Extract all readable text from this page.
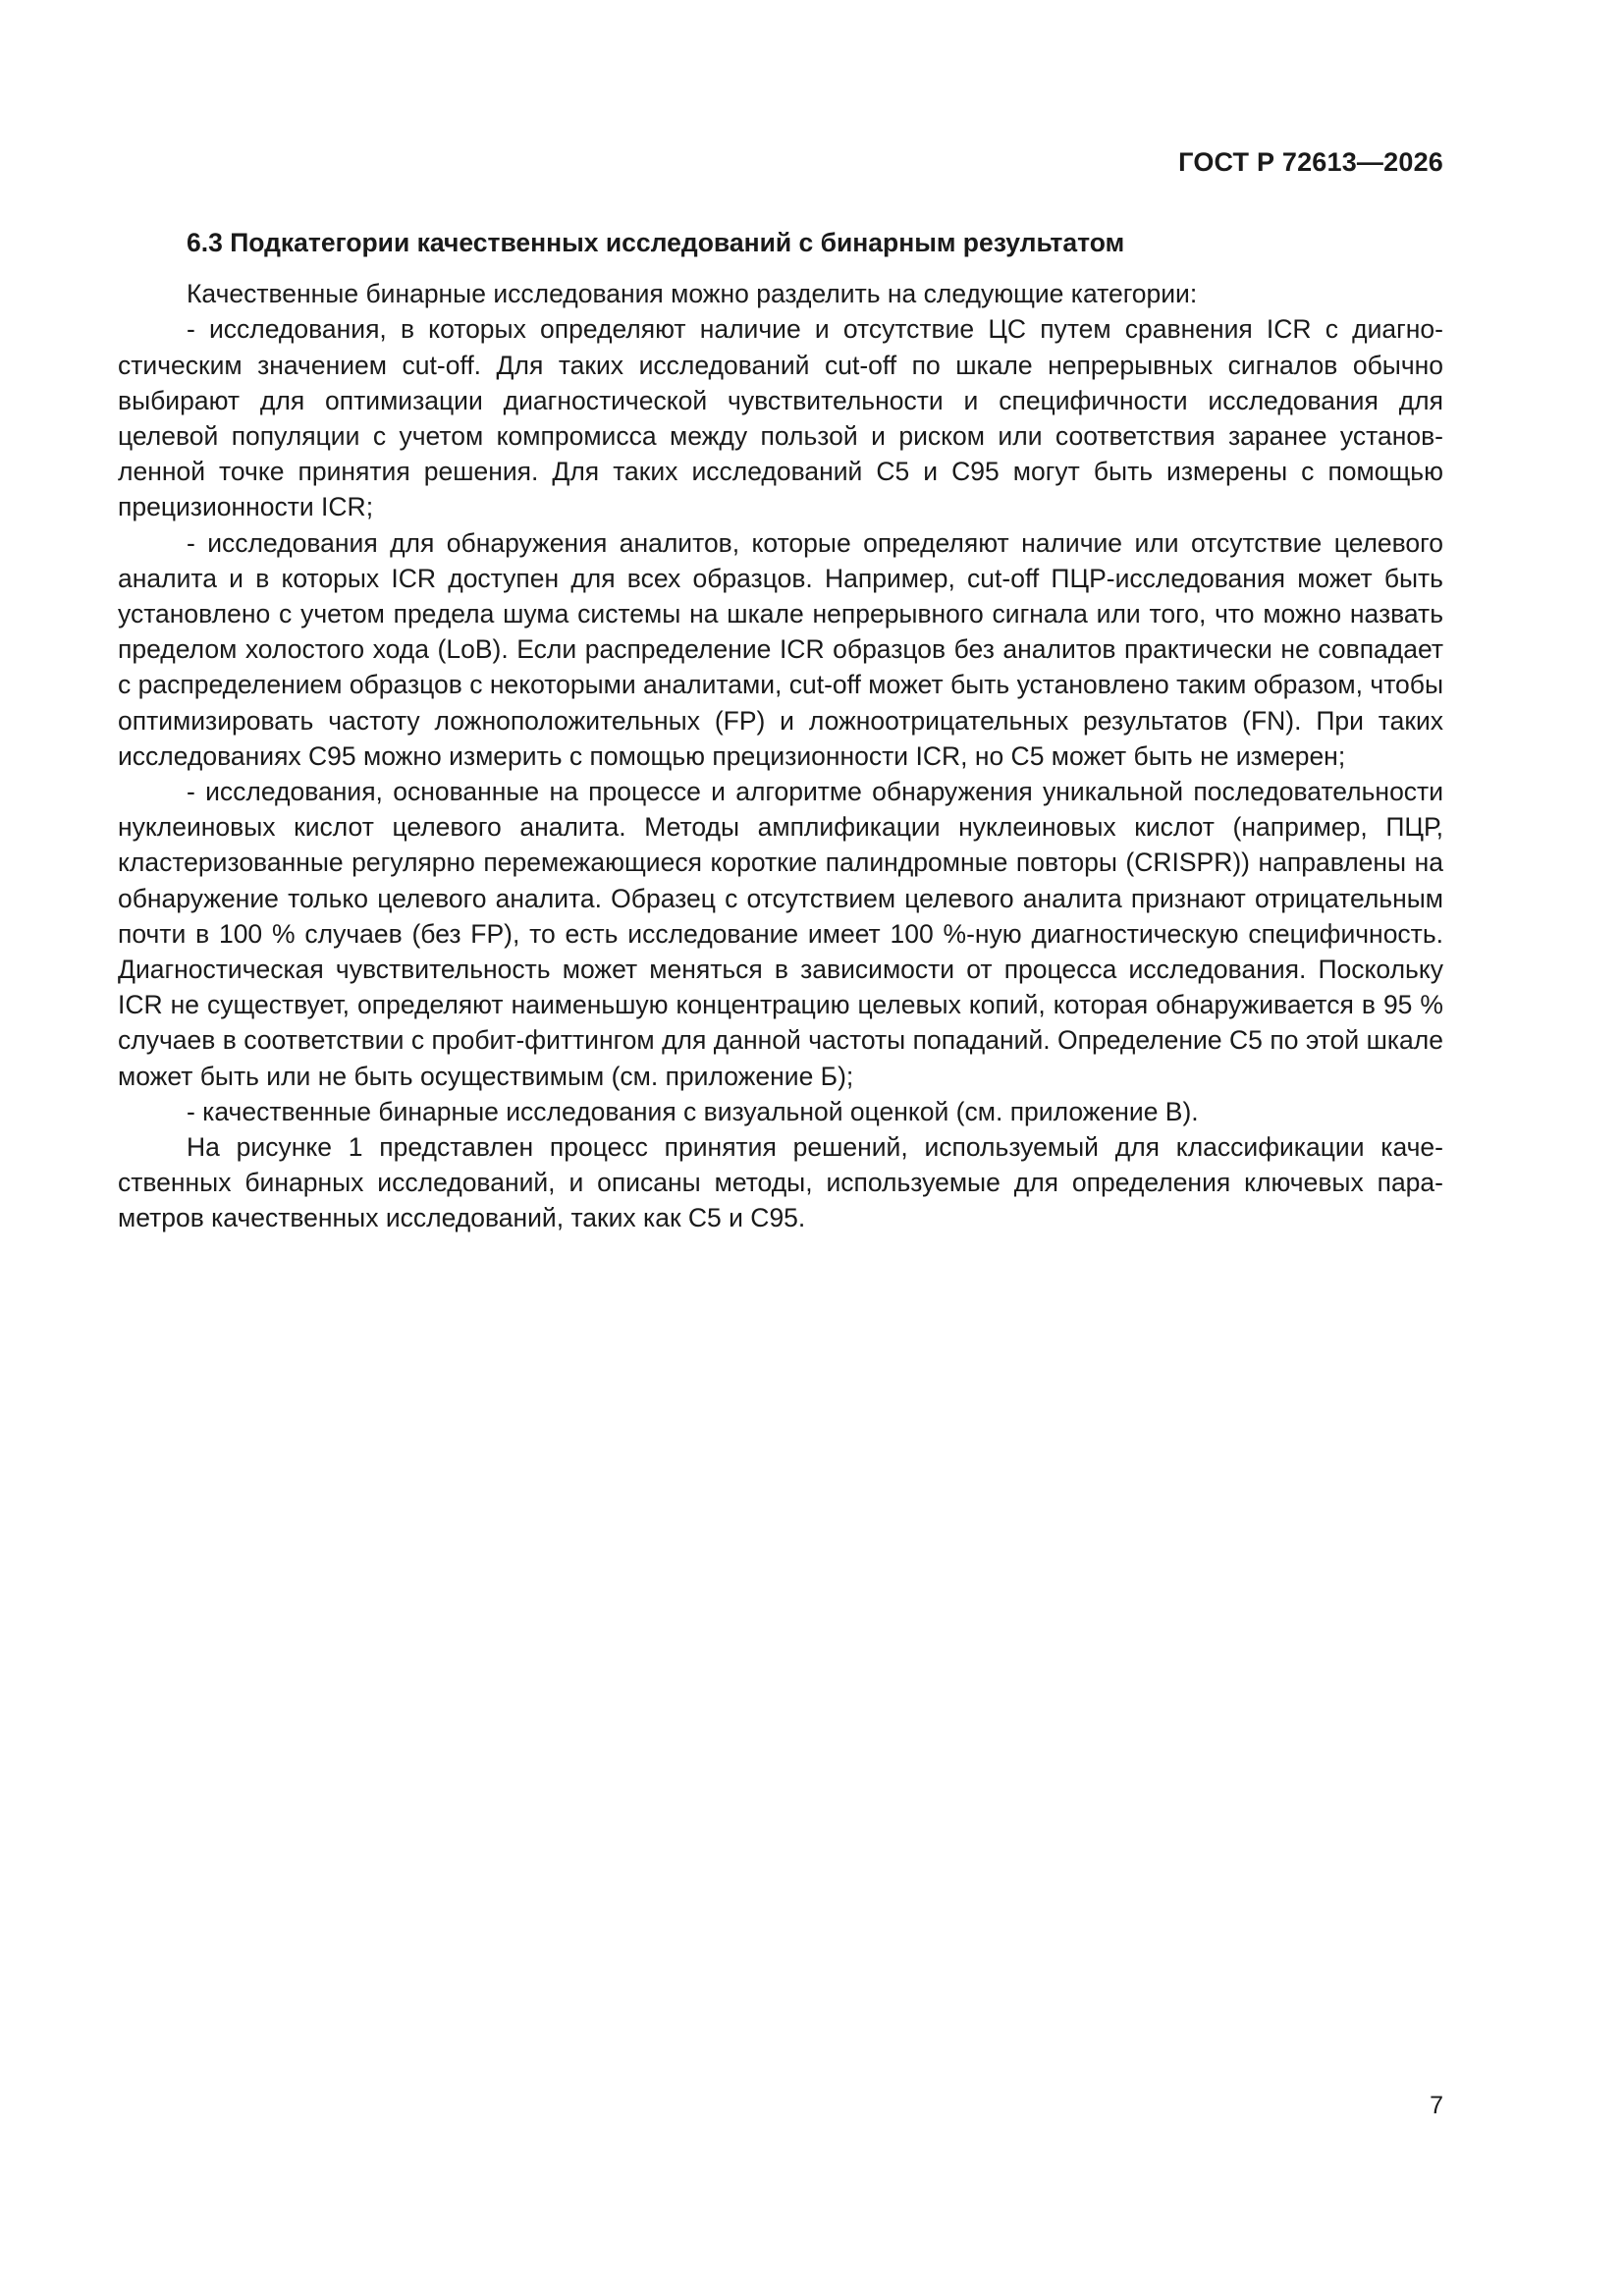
ГОСТ Р 72613—2026
6.3 Подкатегории качественных исследований с бинарным результатом

Качественные бинарные исследования можно разделить на следующие категории:

- исследования, в которых определяют наличие и отсутствие ЦС путем сравнения ICR с диагностическим значением cut-off. Для таких исследований cut-off по шкале непрерывных сигналов обычно выбирают для оптимизации диагностической чувствительности и специфичности исследования для целевой популяции с учетом компромисса между пользой и риском или соответствия заранее установленной точке принятия решения. Для таких исследований C5 и C95 могут быть измерены с помощью прецизионности ICR;

- исследования для обнаружения аналитов, которые определяют наличие или отсутствие целевого аналита и в которых ICR доступен для всех образцов. Например, cut-off ПЦР-исследования может быть установлено с учетом предела шума системы на шкале непрерывного сигнала или того, что можно назвать пределом холостого хода (LoB). Если распределение ICR образцов без аналитов практически не совпадает с распределением образцов с некоторыми аналитами, cut-off может быть установлено таким образом, чтобы оптимизировать частоту ложноположительных (FP) и ложноотрицательных результатов (FN). При таких исследованиях C95 можно измерить с помощью прецизионности ICR, но C5 может быть не измерен;

- исследования, основанные на процессе и алгоритме обнаружения уникальной последовательности нуклеиновых кислот целевого аналита. Методы амплификации нуклеиновых кислот (например, ПЦР, кластеризованные регулярно перемежающиеся короткие палиндромные повторы (CRISPR)) направлены на обнаружение только целевого аналита. Образец с отсутствием целевого аналита признают отрицательным почти в 100 % случаев (без FP), то есть исследование имеет 100 %-ную диагностическую специфичность. Диагностическая чувствительность может меняться в зависимости от процесса исследования. Поскольку ICR не существует, определяют наименьшую концентрацию целевых копий, которая обнаруживается в 95 % случаев в соответствии с пробит-фиттингом для данной частоты попаданий. Определение C5 по этой шкале может быть или не быть осуществимым (см. приложение Б);

- качественные бинарные исследования с визуальной оценкой (см. приложение В).

На рисунке 1 представлен процесс принятия решений, используемый для классификации качественных бинарных исследований, и описаны методы, используемые для определения ключевых параметров качественных исследований, таких как C5 и C95.

7
